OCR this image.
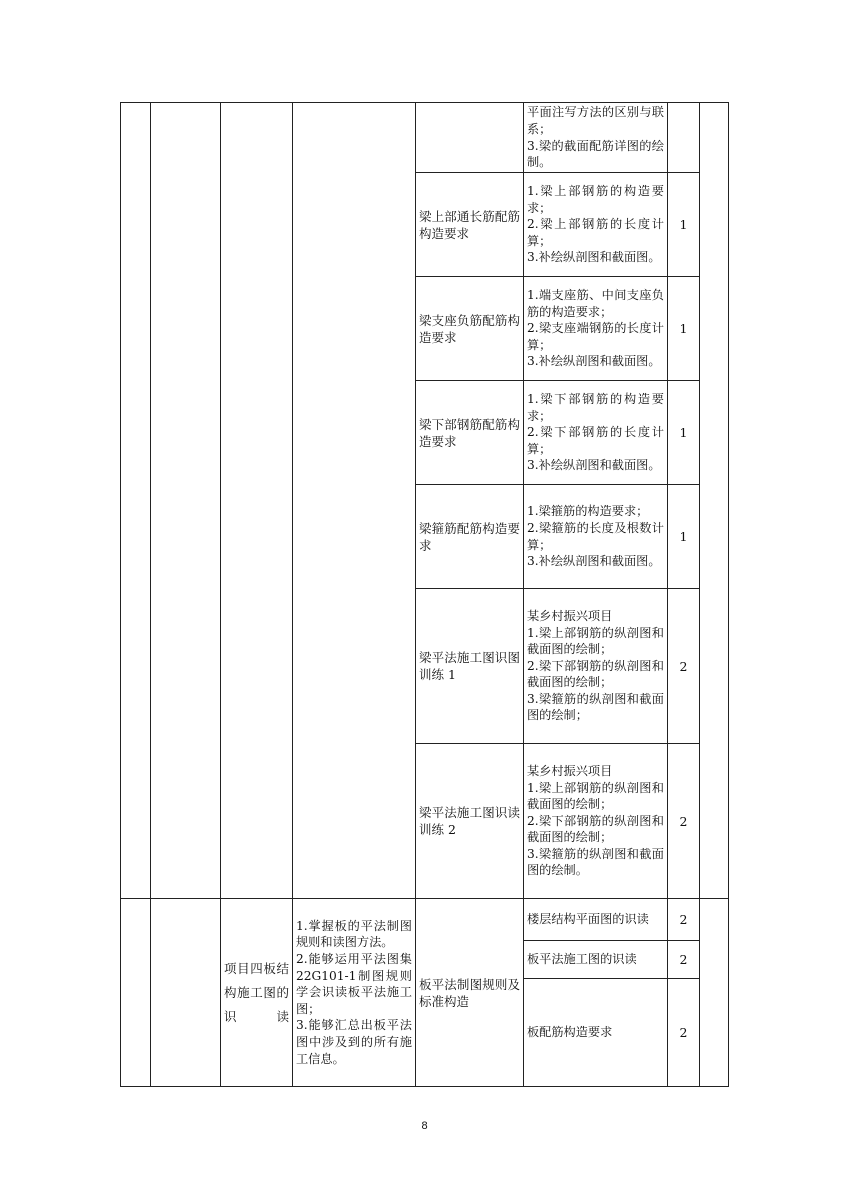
					平面注写方法的区别与联系；
3.梁的截面配筋详图的绘制。		

				梁上部通长筋配筋构造要求	1.梁上部钢筋的构造要求；
2.梁上部钢筋的长度计算；
3.补绘纵剖图和截面图。	1	
				梁支座负筋配筋构造要求	1.端支座筋、中间支座负筋的构造要求；
2.梁支座端钢筋的长度计算；
3.补绘纵剖图和截面图。	1	
				梁下部钢筋配筋构造要求	1.梁下部钢筋的构造要求；
2.梁下部钢筋的长度计算；
3.补绘纵剖图和截面图。	1	
				梁箍筋配筋构造要求	1.梁箍筋的构造要求；
2.梁箍筋的长度及根数计算；
3.补绘纵剖图和截面图。	1	
				梁平法施工图识图训练 1	某乡村振兴项目
1.梁上部钢筋的纵剖图和截面图的绘制；
2.梁下部钢筋的纵剖图和截面图的绘制；
3.梁箍筋的纵剖图和截面图的绘制；	2	
				梁平法施工图识读训练 2	某乡村振兴项目
1.梁上部钢筋的纵剖图和截面图的绘制；
2.梁下部钢筋的纵剖图和截面图的绘制；
3.梁箍筋的纵剖图和截面图的绘制。	2	
		项目四板结构施工图的识读	1.掌握板的平法制图规则和读图方法。
2.能够运用平法图集22G101-1制图规则学会识读板平法施工图；
3.能够汇总出板平法图中涉及到的所有施工信息。	板平法制图规则及标准构造	楼层结构平面图的识读	2	
					板平法施工图的识读	2	
					板配筋构造要求	2	
8
